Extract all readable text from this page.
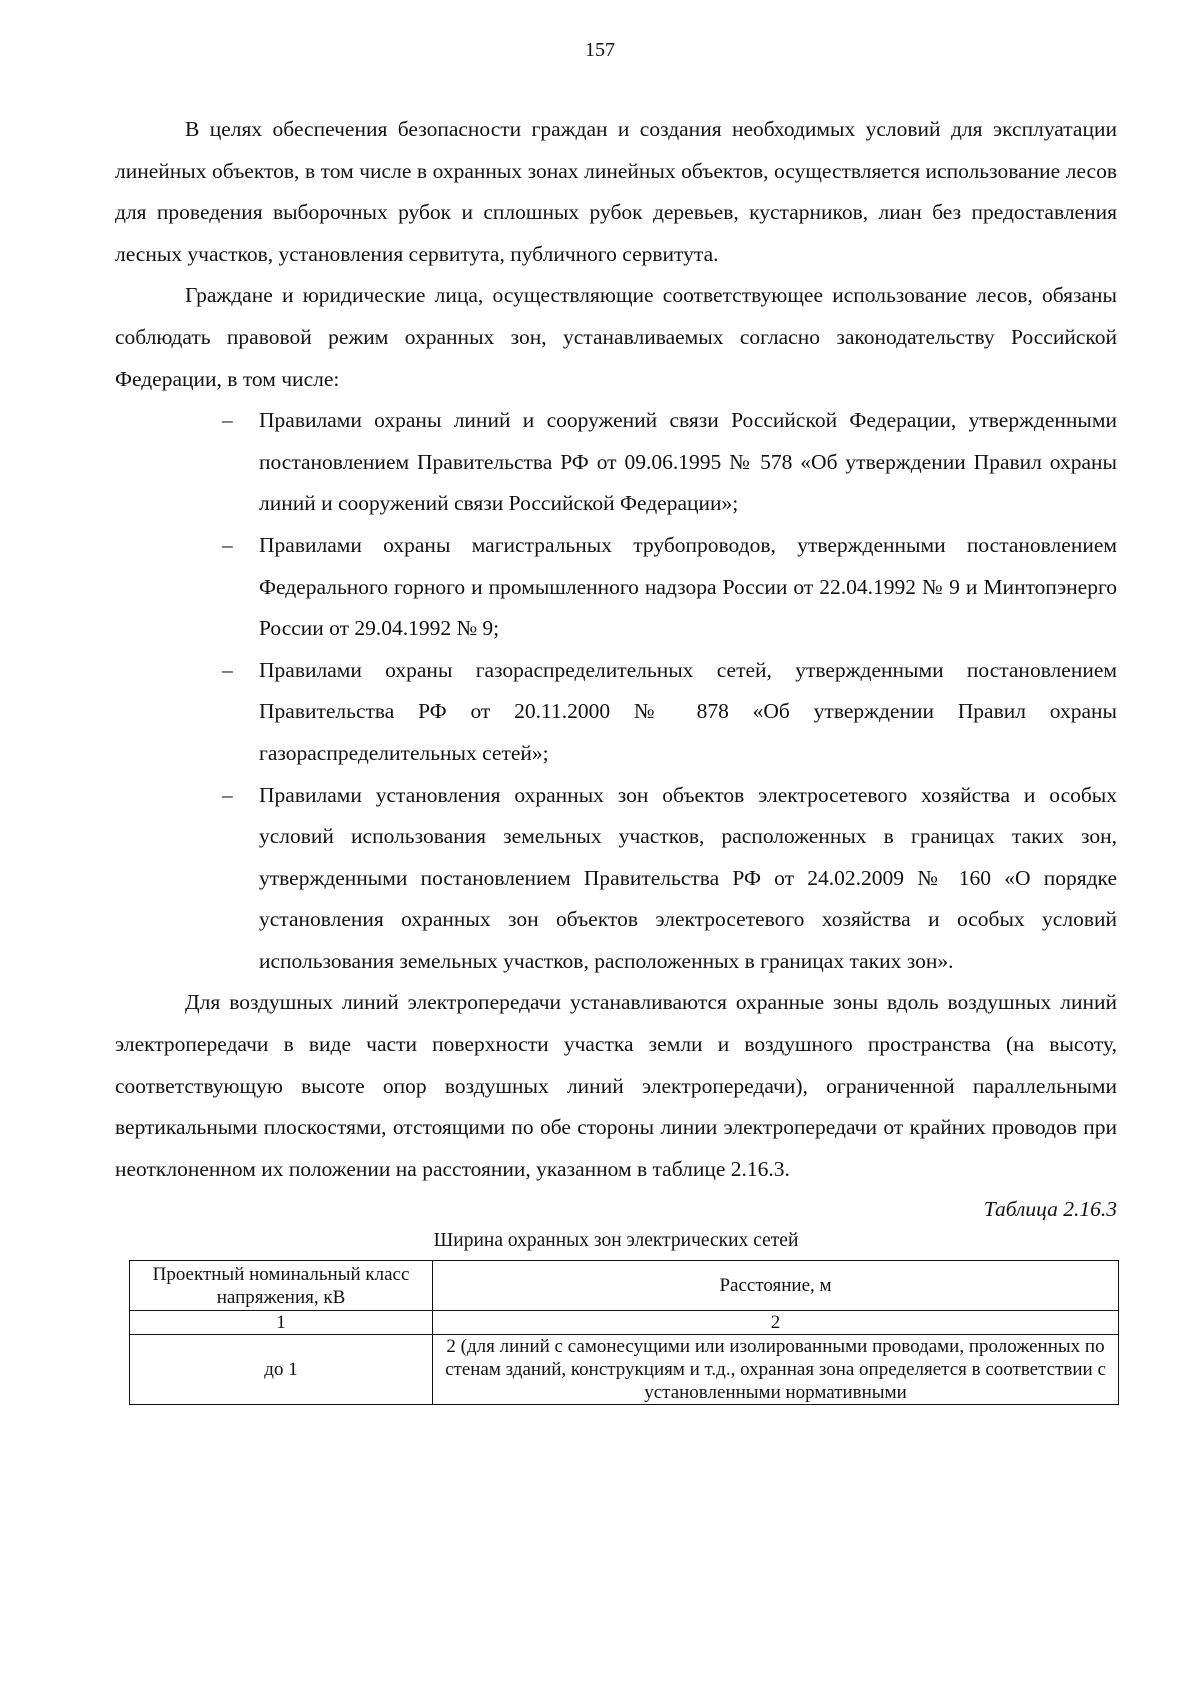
157

В целях обеспечения безопасности граждан и создания необходимых условий для эксплуатации линейных объектов, в том числе в охранных зонах линейных объектов, осуществляется использование лесов для проведения выборочных рубок и сплошных рубок деревьев, кустарников, лиан без предоставления лесных участков, установления сервитута, публичного сервитута.

Граждане и юридические лица, осуществляющие соответствующее использование лесов, обязаны соблюдать правовой режим охранных зон, устанавливаемых согласно законодательству Российской Федерации, в том числе:

– Правилами охраны линий и сооружений связи Российской Федерации, утвержденными постановлением Правительства РФ от 09.06.1995 № 578 «Об утверждении Правил охраны линий и сооружений связи Российской Федерации»;
– Правилами охраны магистральных трубопроводов, утвержденными постановлением Федерального горного и промышленного надзора России от 22.04.1992 № 9 и Минтопэнерго России от 29.04.1992 № 9;
– Правилами охраны газораспределительных сетей, утвержденными постановлением Правительства РФ от 20.11.2000 № 878 «Об утверждении Правил охраны газораспределительных сетей»;
– Правилами установления охранных зон объектов электросетевого хозяйства и особых условий использования земельных участков, расположенных в границах таких зон, утвержденными постановлением Правительства РФ от 24.02.2009 № 160 «О порядке установления охранных зон объектов электросетевого хозяйства и особых условий использования земельных участков, расположенных в границах таких зон».

Для воздушных линий электропередачи устанавливаются охранные зоны вдоль воздушных линий электропередачи в виде части поверхности участка земли и воздушного пространства (на высоту, соответствующую высоте опор воздушных линий электропередачи), ограниченной параллельными вертикальными плоскостями, отстоящими по обе стороны линии электропередачи от крайних проводов при неотклоненном их положении на расстоянии, указанном в таблице 2.16.3.

Таблица 2.16.3

Ширина охранных зон электрических сетей

Проектный номинальный класс напряжения, кВ	Расстояние, м
1	2
до 1	2 (для линий с самонесущими или изолированными проводами, проложенных по стенам зданий, конструкциям и т.д., охранная зона определяется в соответствии с установленными нормативными
